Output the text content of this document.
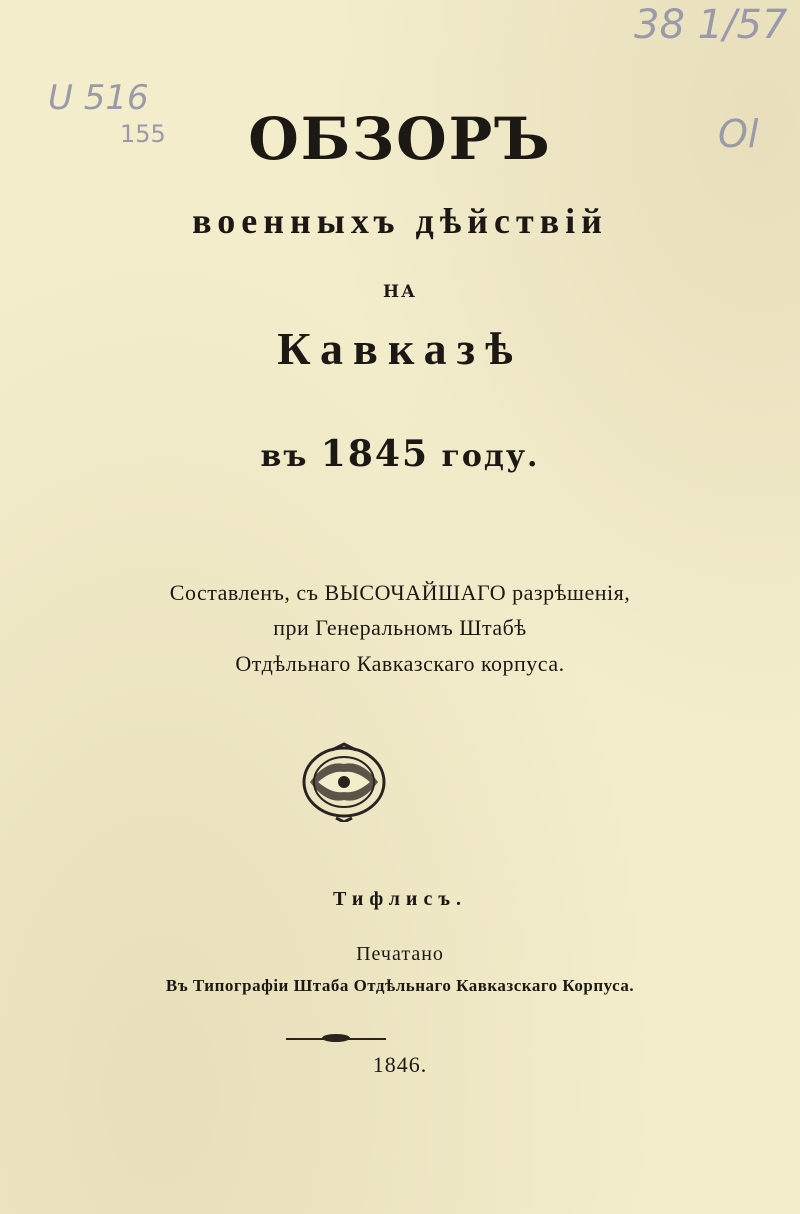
38 1/57
U 516
Ol
155	ОБЗОРЪ
военныхъ дѣйствій
НА
Кавказѣ
въ 1845 году.
Составленъ, съ ВЫСОЧАЙШАГО разрѣшенія,
при Генеральномъ Штабѣ
Отдѣльнаго Кавказскаго корпуса.
Тифлисъ.
Печатано
Въ Типографіи Штаба Отдѣльнаго Кавказскаго Корпуса.
1846.
